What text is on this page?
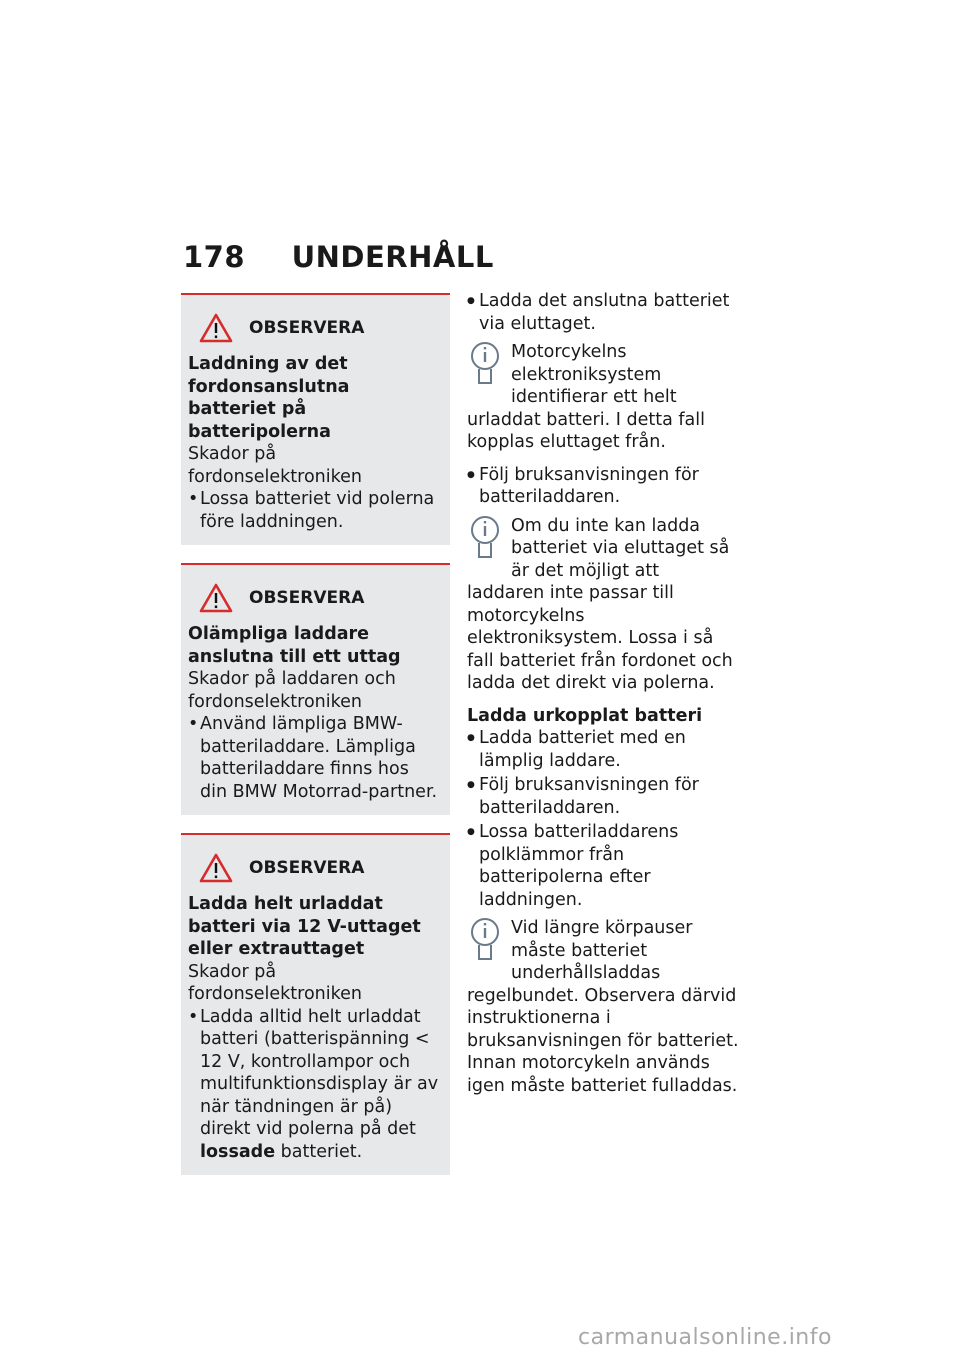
178 UNDERHÅLL
OBSERVERA
Laddning av det fordonsanslutna batteriet på batteripolerna
Skador på fordonselektroniken
• Lossa batteriet vid polerna före laddningen.
OBSERVERA
Olämpliga laddare anslutna till ett uttag
Skador på laddaren och fordonselektroniken
• Använd lämpliga BMW-batteriladdare. Lämpliga batteriladdare finns hos din BMW Motorrad-partner.
OBSERVERA
Ladda helt urladdat batteri via 12 V-uttaget eller extrauttaget
Skador på fordonselektroniken
• Ladda alltid helt urladdat batteri (batterispänning < 12 V, kontrollampor och multifunktionsdisplay är av när tändningen är på) direkt vid polerna på det lossade batteriet.
● Ladda det anslutna batteriet via eluttaget.
Motorcykelns elektroniksystem identifierar ett helt urladdat batteri. I detta fall kopplas eluttaget från.
● Följ bruksanvisningen för batteriladdaren.
Om du inte kan ladda batteriet via eluttaget så är det möjligt att laddaren inte passar till motorcykelns elektroniksystem. Lossa i så fall batteriet från fordonet och ladda det direkt via polerna.
Ladda urkopplat batteri
● Ladda batteriet med en lämplig laddare.
● Följ bruksanvisningen för batteriladdaren.
● Lossa batteriladdarens polklämmor från batteripolerna efter laddningen.
Vid längre körpauser måste batteriet underhållsladdas regelbundet. Observera därvid instruktionerna i bruksanvisningen för batteriet. Innan motorcykeln används igen måste batteriet fulladdas.
carmanualsonline.info
